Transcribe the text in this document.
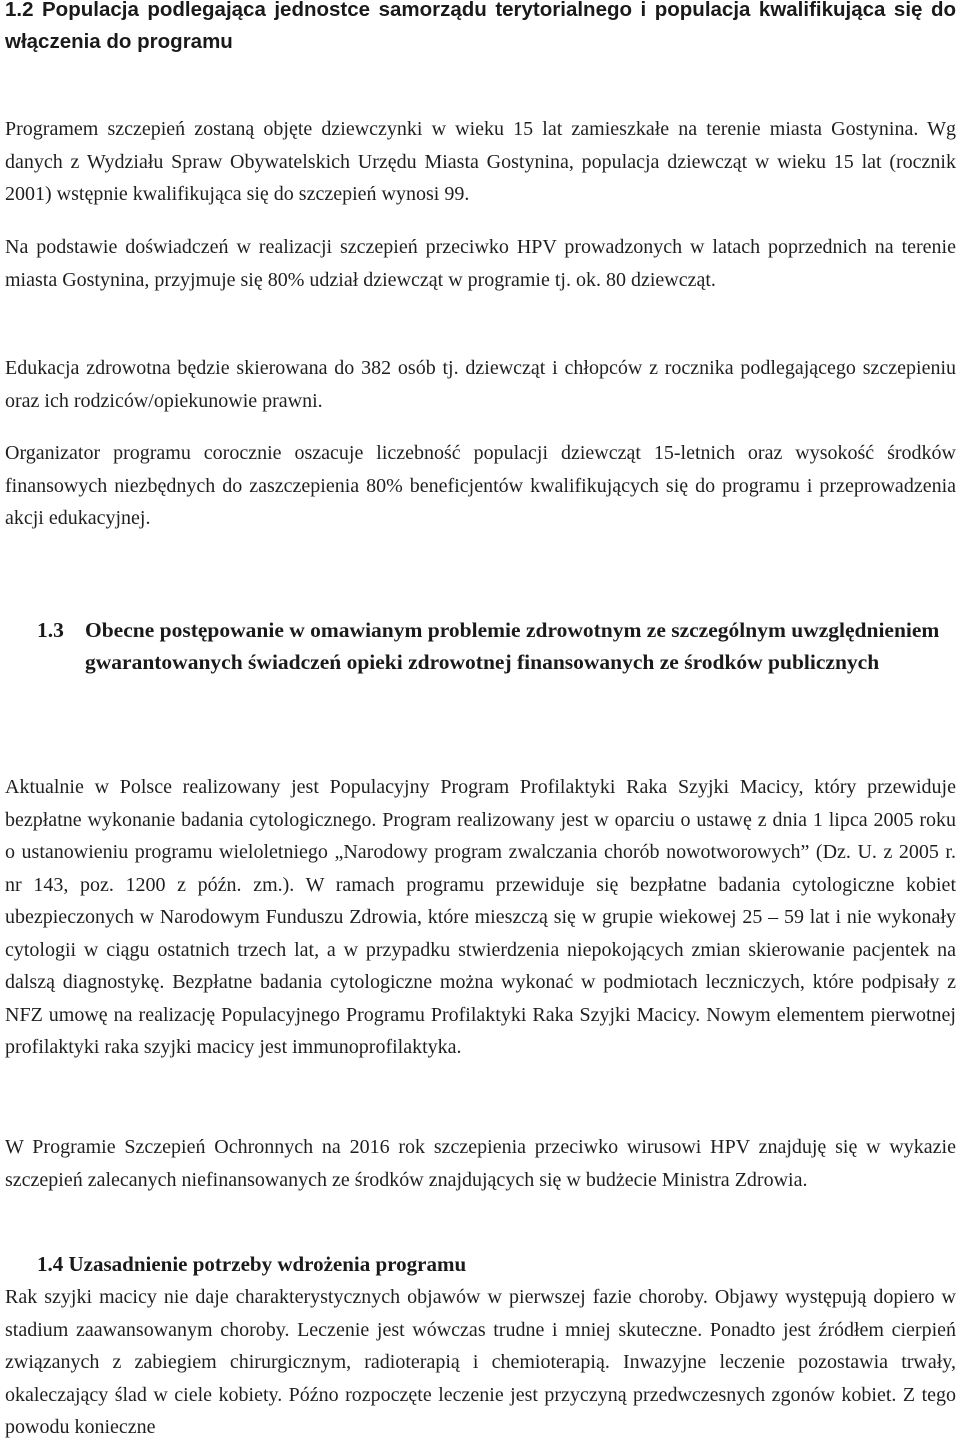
1.2 Populacja podlegająca jednostce samorządu terytorialnego i populacja kwalifikująca się do włączenia do programu

Programem szczepień zostaną objęte dziewczynki w wieku 15 lat zamieszkałe na terenie miasta Gostynina. Wg danych z Wydziału Spraw Obywatelskich Urzędu Miasta Gostynina, populacja dziewcząt w wieku 15 lat (rocznik 2001) wstępnie kwalifikująca się do szczepień wynosi 99.

Na podstawie doświadczeń w realizacji szczepień przeciwko HPV prowadzonych w latach poprzednich na terenie miasta Gostynina, przyjmuje się 80% udział dziewcząt w programie tj. ok. 80 dziewcząt.

Edukacja zdrowotna będzie skierowana do 382 osób tj. dziewcząt i chłopców z rocznika podlegającego szczepieniu oraz ich rodziców/opiekunowie prawni.

Organizator programu corocznie oszacuje liczebność populacji dziewcząt 15-letnich oraz wysokość środków finansowych niezbędnych do zaszczepienia 80% beneficjentów kwalifikujących się do programu i przeprowadzenia akcji edukacyjnej.

1.3 Obecne postępowanie w omawianym problemie zdrowotnym ze szczególnym uwzględnieniem gwarantowanych świadczeń opieki zdrowotnej finansowanych ze środków publicznych

Aktualnie w Polsce realizowany jest Populacyjny Program Profilaktyki Raka Szyjki Macicy, który przewiduje bezpłatne wykonanie badania cytologicznego. Program realizowany jest w oparciu o ustawę z dnia 1 lipca 2005 roku o ustanowieniu programu wieloletniego „Narodowy program zwalczania chorób nowotworowych” (Dz. U. z 2005 r. nr 143, poz. 1200 z późn. zm.). W ramach programu przewiduje się bezpłatne badania cytologiczne kobiet ubezpieczonych w Narodowym Funduszu Zdrowia, które mieszczą się w grupie wiekowej 25 – 59 lat i nie wykonały cytologii w ciągu ostatnich trzech lat, a w przypadku stwierdzenia niepokojących zmian skierowanie pacjentek na dalszą diagnostykę. Bezpłatne badania cytologiczne można wykonać w podmiotach leczniczych, które podpisały z NFZ umowę na realizację Populacyjnego Programu Profilaktyki Raka Szyjki Macicy. Nowym elementem pierwotnej profilaktyki raka szyjki macicy jest immunoprofilaktyka.

W Programie Szczepień Ochronnych na 2016 rok szczepienia przeciwko wirusowi HPV znajduję się w wykazie szczepień zalecanych niefinansowanych ze środków znajdujących się w budżecie Ministra Zdrowia.

1.4 Uzasadnienie potrzeby wdrożenia programu

Rak szyjki macicy nie daje charakterystycznych objawów w pierwszej fazie choroby. Objawy występują dopiero w stadium zaawansowanym choroby. Leczenie jest wówczas trudne i mniej skuteczne. Ponadto jest źródłem cierpień związanych z zabiegiem chirurgicznym, radioterapią i chemioterapią. Inwazyjne leczenie pozostawia trwały, okaleczający ślad w ciele kobiety. Późno rozpoczęte leczenie jest przyczyną przedwczesnych zgonów kobiet. Z tego powodu konieczne
